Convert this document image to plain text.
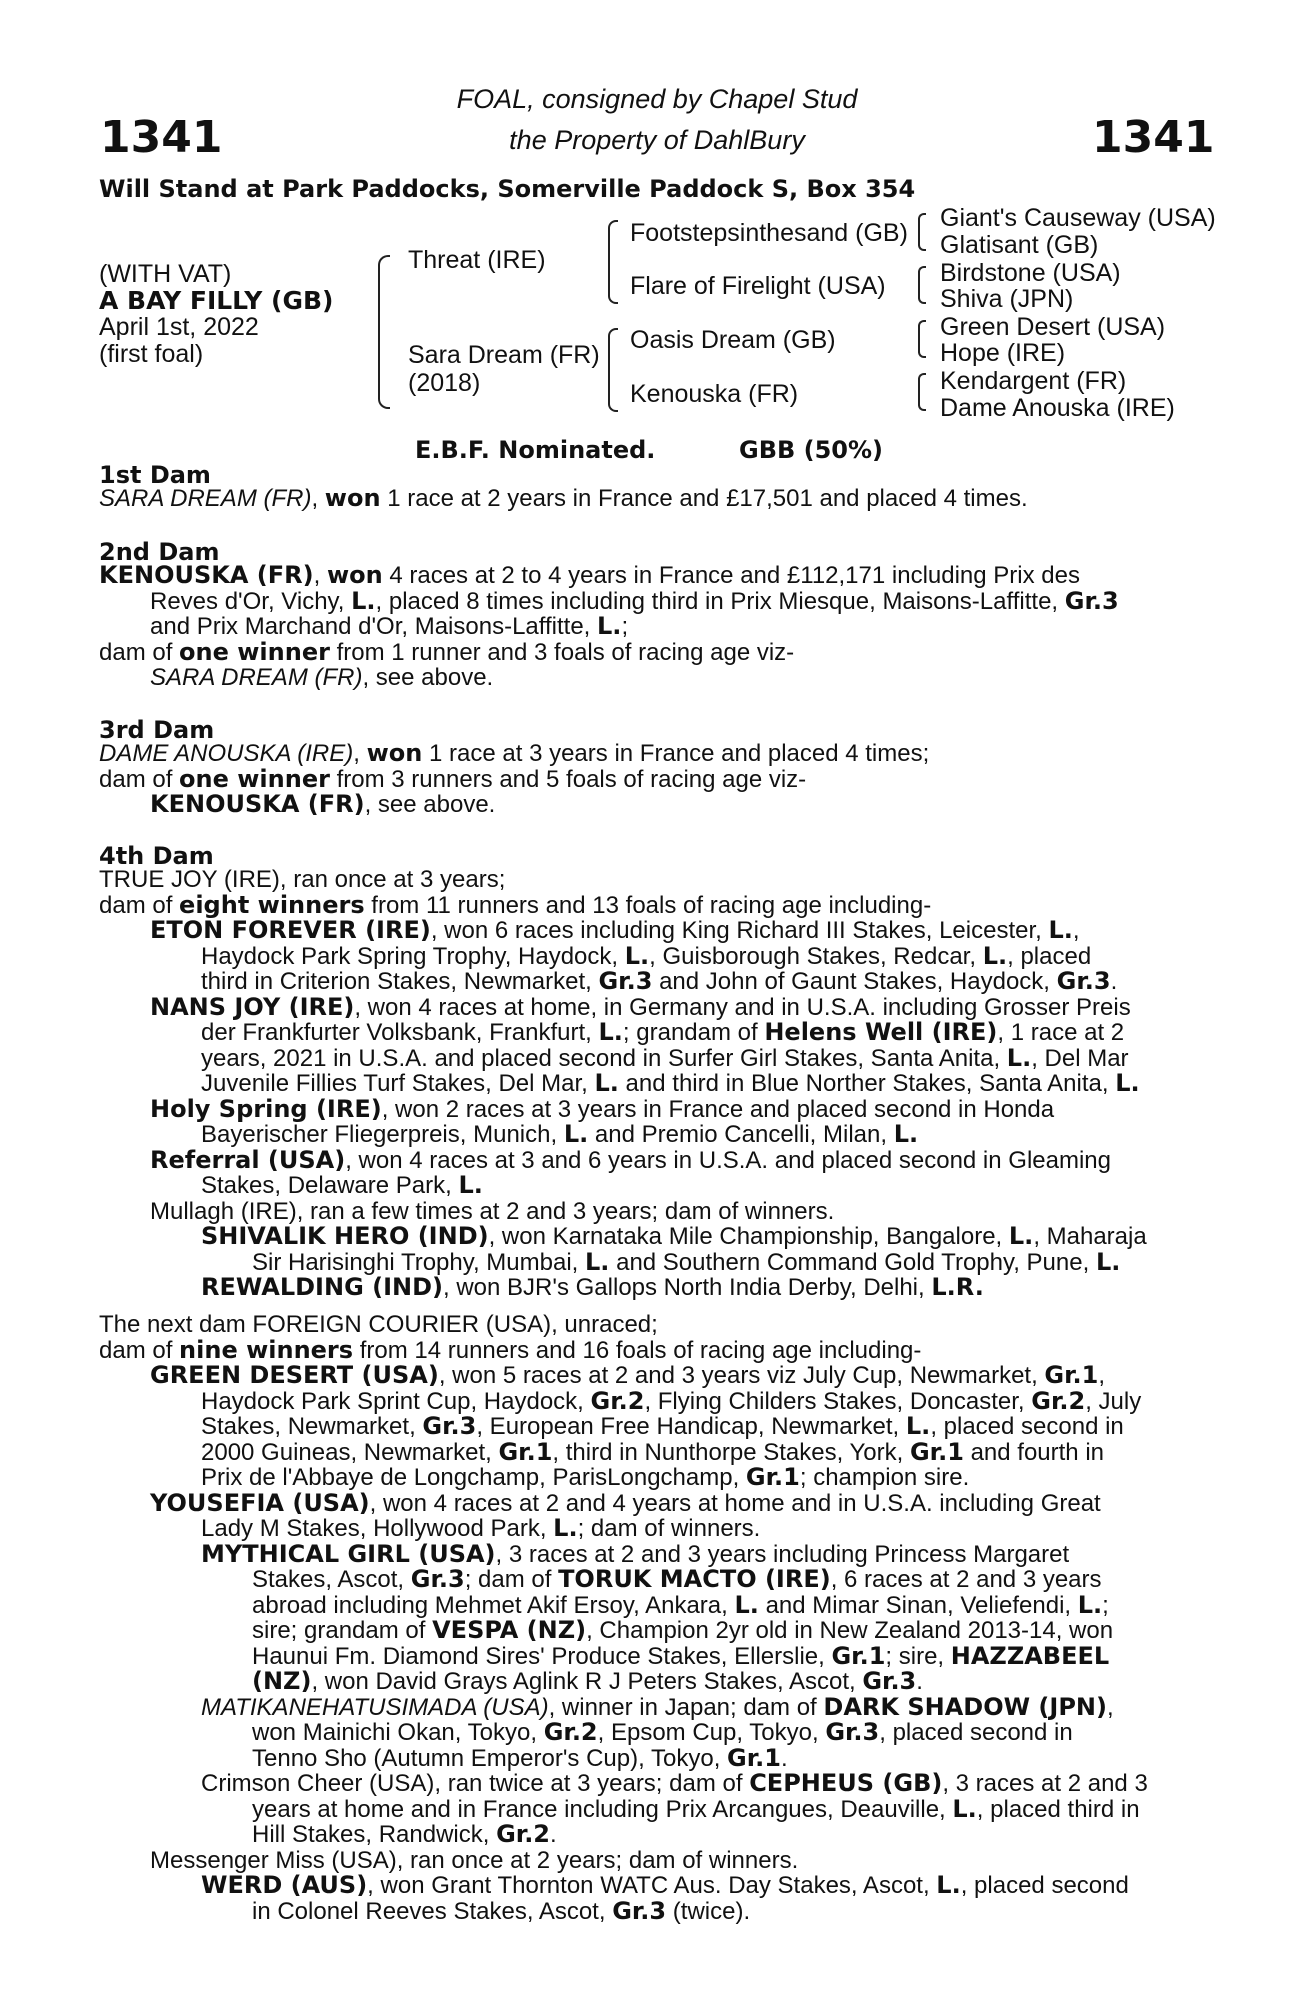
1341	1341
FOAL, consigned by Chapel Stud
the Property of DahlBury
Will Stand at Park Paddocks, Somerville Paddock S, Box 354
(WITH VAT)
A BAY FILLY (GB)
April 1st, 2022
(first foal)
Threat (IRE)
Sara Dream (FR)
(2018)
Footstepsinthesand (GB)
Flare of Firelight (USA)
Oasis Dream (GB)
Kenouska (FR)
Giant's Causeway (USA)
Glatisant (GB)
Birdstone (USA)
Shiva (JPN)
Green Desert (USA)
Hope (IRE)
Kendargent (FR)
Dame Anouska (IRE)
E.B.F. Nominated.	GBB (50%)
1st Dam
SARA DREAM (FR), won 1 race at 2 years in France and £17,501 and placed 4 times.
2nd Dam
KENOUSKA (FR), won 4 races at 2 to 4 years in France and £112,171 including Prix des
Reves d'Or, Vichy, L., placed 8 times including third in Prix Miesque, Maisons-Laffitte, Gr.3
and Prix Marchand d'Or, Maisons-Laffitte, L.;
dam of one winner from 1 runner and 3 foals of racing age viz-
SARA DREAM (FR), see above.
3rd Dam
DAME ANOUSKA (IRE), won 1 race at 3 years in France and placed 4 times;
dam of one winner from 3 runners and 5 foals of racing age viz-
KENOUSKA (FR), see above.
4th Dam
TRUE JOY (IRE), ran once at 3 years;
dam of eight winners from 11 runners and 13 foals of racing age including-
ETON FOREVER (IRE), won 6 races including King Richard III Stakes, Leicester, L.,
Haydock Park Spring Trophy, Haydock, L., Guisborough Stakes, Redcar, L., placed
third in Criterion Stakes, Newmarket, Gr.3 and John of Gaunt Stakes, Haydock, Gr.3.
NANS JOY (IRE), won 4 races at home, in Germany and in U.S.A. including Grosser Preis
der Frankfurter Volksbank, Frankfurt, L.; grandam of Helens Well (IRE), 1 race at 2
years, 2021 in U.S.A. and placed second in Surfer Girl Stakes, Santa Anita, L., Del Mar
Juvenile Fillies Turf Stakes, Del Mar, L. and third in Blue Norther Stakes, Santa Anita, L.
Holy Spring (IRE), won 2 races at 3 years in France and placed second in Honda
Bayerischer Fliegerpreis, Munich, L. and Premio Cancelli, Milan, L.
Referral (USA), won 4 races at 3 and 6 years in U.S.A. and placed second in Gleaming
Stakes, Delaware Park, L.
Mullagh (IRE), ran a few times at 2 and 3 years; dam of winners.
SHIVALIK HERO (IND), won Karnataka Mile Championship, Bangalore, L., Maharaja
Sir Harisinghi Trophy, Mumbai, L. and Southern Command Gold Trophy, Pune, L.
REWALDING (IND), won BJR's Gallops North India Derby, Delhi, L.R.
The next dam FOREIGN COURIER (USA), unraced;
dam of nine winners from 14 runners and 16 foals of racing age including-
GREEN DESERT (USA), won 5 races at 2 and 3 years viz July Cup, Newmarket, Gr.1,
Haydock Park Sprint Cup, Haydock, Gr.2, Flying Childers Stakes, Doncaster, Gr.2, July
Stakes, Newmarket, Gr.3, European Free Handicap, Newmarket, L., placed second in
2000 Guineas, Newmarket, Gr.1, third in Nunthorpe Stakes, York, Gr.1 and fourth in
Prix de l'Abbaye de Longchamp, ParisLongchamp, Gr.1; champion sire.
YOUSEFIA (USA), won 4 races at 2 and 4 years at home and in U.S.A. including Great
Lady M Stakes, Hollywood Park, L.; dam of winners.
MYTHICAL GIRL (USA), 3 races at 2 and 3 years including Princess Margaret
Stakes, Ascot, Gr.3; dam of TORUK MACTO (IRE), 6 races at 2 and 3 years
abroad including Mehmet Akif Ersoy, Ankara, L. and Mimar Sinan, Veliefendi, L.;
sire; grandam of VESPA (NZ), Champion 2yr old in New Zealand 2013-14, won
Haunui Fm. Diamond Sires' Produce Stakes, Ellerslie, Gr.1; sire, HAZZABEEL
(NZ), won David Grays Aglink R J Peters Stakes, Ascot, Gr.3.
MATIKANEHATUSIMADA (USA), winner in Japan; dam of DARK SHADOW (JPN),
won Mainichi Okan, Tokyo, Gr.2, Epsom Cup, Tokyo, Gr.3, placed second in
Tenno Sho (Autumn Emperor's Cup), Tokyo, Gr.1.
Crimson Cheer (USA), ran twice at 3 years; dam of CEPHEUS (GB), 3 races at 2 and 3
years at home and in France including Prix Arcangues, Deauville, L., placed third in
Hill Stakes, Randwick, Gr.2.
Messenger Miss (USA), ran once at 2 years; dam of winners.
WERD (AUS), won Grant Thornton WATC Aus. Day Stakes, Ascot, L., placed second
in Colonel Reeves Stakes, Ascot, Gr.3 (twice).
